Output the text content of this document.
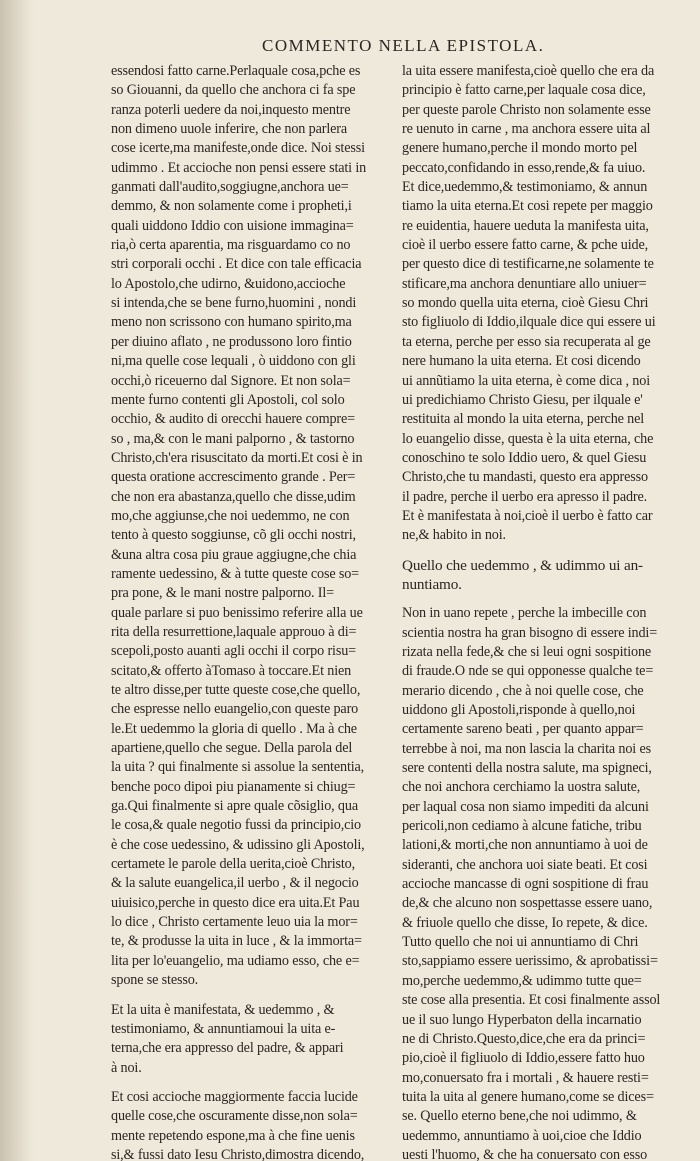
COMMENTO NELLA EPISTOLA.
essendosi fatto carne.Perlaquale cosa,pche es
so Giouanni, da quello che anchora ci fa spe
ranza poterli uedere da noi,inquesto mentre
non dimeno uuole inferire, che non parlera
cose icerte,ma manifeste,onde dice. Noi stessi
udimmo . Et accioche non pensi essere stati in
ganmati dall'audito,soggiugne,anchora ue=
demmo, & non solamente come i propheti,i
quali uiddono Iddio con uisione immagina=
ria,ò certa aparentia, ma risguardamo co no
stri corporali occhi . Et dice con tale efficacia
lo Apostolo,che udirno, &uidono,accioche
si intenda,che se bene furno,huomini , nondi
meno non scrissono con humano spirito,ma
per diuino aflato , ne produssono loro fintio
ni,ma quelle cose lequali , ò uiddono con gli
occhi,ò riceuerno dal Signore. Et non sola=
mente furno contenti gli Apostoli, col solo
occhio, & audito di orecchi hauere compre=
so , ma,& con le mani palporno , & tastorno
Christo,ch'era risuscitato da morti.Et cosi è in
questa oratione accrescimento grande . Per=
che non era abastanza,quello che disse,udim
mo,che aggiunse,che noi uedemmo, ne con
tento à questo soggiunse, cõ gli occhi nostri,
&una altra cosa piu graue aggiugne,che chia
ramente uedessino, & à tutte queste cose so=
pra pone, & le mani nostre palporno. Il=
quale parlare si puo benissimo referire alla ue
rita della resurrettione,laquale approuo à di=
scepoli,posto auanti agli occhi il corpo risu=
scitato,& offerto àTomaso à toccare.Et nien
te altro disse,per tutte queste cose,che quello,
che espresse nello euangelio,con queste paro
le.Et uedemmo la gloria di quello . Ma à che
apartiene,quello che segue. Della parola del
la uita ? qui finalmente si assolue la sententia,
benche poco dipoi piu pianamente si chiug=
ga.Qui finalmente si apre quale cõsiglio, qua
le cosa,& quale negotio fussi da principio,cio
è che cose uedessino, & udissino gli Apostoli,
certamete le parole della uerita,cioè Christo,
& la salute euangelica,il uerbo , & il negocio
uiuisico,perche in questo dice era uita.Et Pau
lo dice , Christo certamente leuo uia la mor=
te, & produsse la uita in luce , & la immorta=
lita per lo'euangelio, ma udiamo esso, che e=
spone se stesso.
Et la uita è manifestata, & uedemmo , &
testimoniamo, & annuntiamoui la uita e-
terna,che era appresso del padre, & appari
à noi.
Et cosi accioche maggiormente faccia lucide
quelle cose,che oscuramente disse,non sola=
mente repetendo espone,ma à che fine uenis
si,& fussi dato Iesu Christo,dimostra dicendo,
la uita essere manifesta,cioè quello che era da
principio è fatto carne,per laquale cosa dice,
per queste parole Christo non solamente esse
re uenuto in carne , ma anchora essere uita al
genere humano,perche il mondo morto pel
peccato,confidando in esso,rende,& fa uiuo.
Et dice,uedemmo,& testimoniamo, & annun
tiamo la uita eterna.Et cosi repete per maggio
re euidentia, hauere ueduta la manifesta uita,
cioè il uerbo essere fatto carne, & pche uide,
per questo dice di testificarne,ne solamente te
stificare,ma anchora denuntiare allo uniuer=
so mondo quella uita eterna, cioè Giesu Chri
sto figliuolo di Iddio,ilquale dice qui essere ui
ta eterna, perche per esso sia recuperata al ge
nere humano la uita eterna. Et cosi dicendo
ui annũtiamo la uita eterna, è come dica , noi
ui predichiamo Christo Giesu, per ilquale e'
restituita al mondo la uita eterna, perche nel
lo euangelio disse, questa è la uita eterna, che
conoschino te solo Iddio uero, & quel Giesu
Christo,che tu mandasti, questo era appresso
il padre, perche il uerbo era apresso il padre.
Et è manifestata à noi,cioè il uerbo è fatto car
ne,& habito in noi.
Quello che uedemmo , & udimmo ui an-
nuntiamo.
Non in uano repete , perche la imbecille con
scientia nostra ha gran bisogno di essere indi=
rizata nella fede,& che si leui ogni sospitione
di fraude.O nde se qui opponesse qualche te=
merario dicendo , che à noi quelle cose, che
uiddono gli Apostoli,risponde à quello,noi
certamente sareno beati , per quanto appar=
terrebbe à noi, ma non lascia la charita noi es
sere contenti della nostra salute, ma spigneci,
che noi anchora cerchiamo la uostra salute,
per laqual cosa non siamo impediti da alcuni
pericoli,non cediamo à alcune fatiche, tribu
lationi,& morti,che non annuntiamo à uoi de
sideranti, che anchora uoi siate beati. Et cosi
accioche mancasse di ogni sospitione di frau
de,& che alcuno non sospettasse essere uano,
& friuole quello che disse, Io repete, & dice.
Tutto quello che noi ui annuntiamo di Chri
sto,sappiamo essere uerissimo, & aprobatissi=
mo,perche uedemmo,& udimmo tutte que=
ste cose alla presentia. Et cosi finalmente assol
ue il suo lungo Hyperbaton della incarnatio
ne di Christo.Questo,dice,che era da princi=
pio,cioè il figliuolo di Iddio,essere fatto huo
mo,conuersato fra i mortali , & hauere resti=
tuita la uita al genere humano,come se dices=
se. Quello eterno bene,che noi udimmo, &
uedemmo, annuntiamo à uoi,cioe che Iddio
uesti l'huomo, & che ha conuersato con esso
